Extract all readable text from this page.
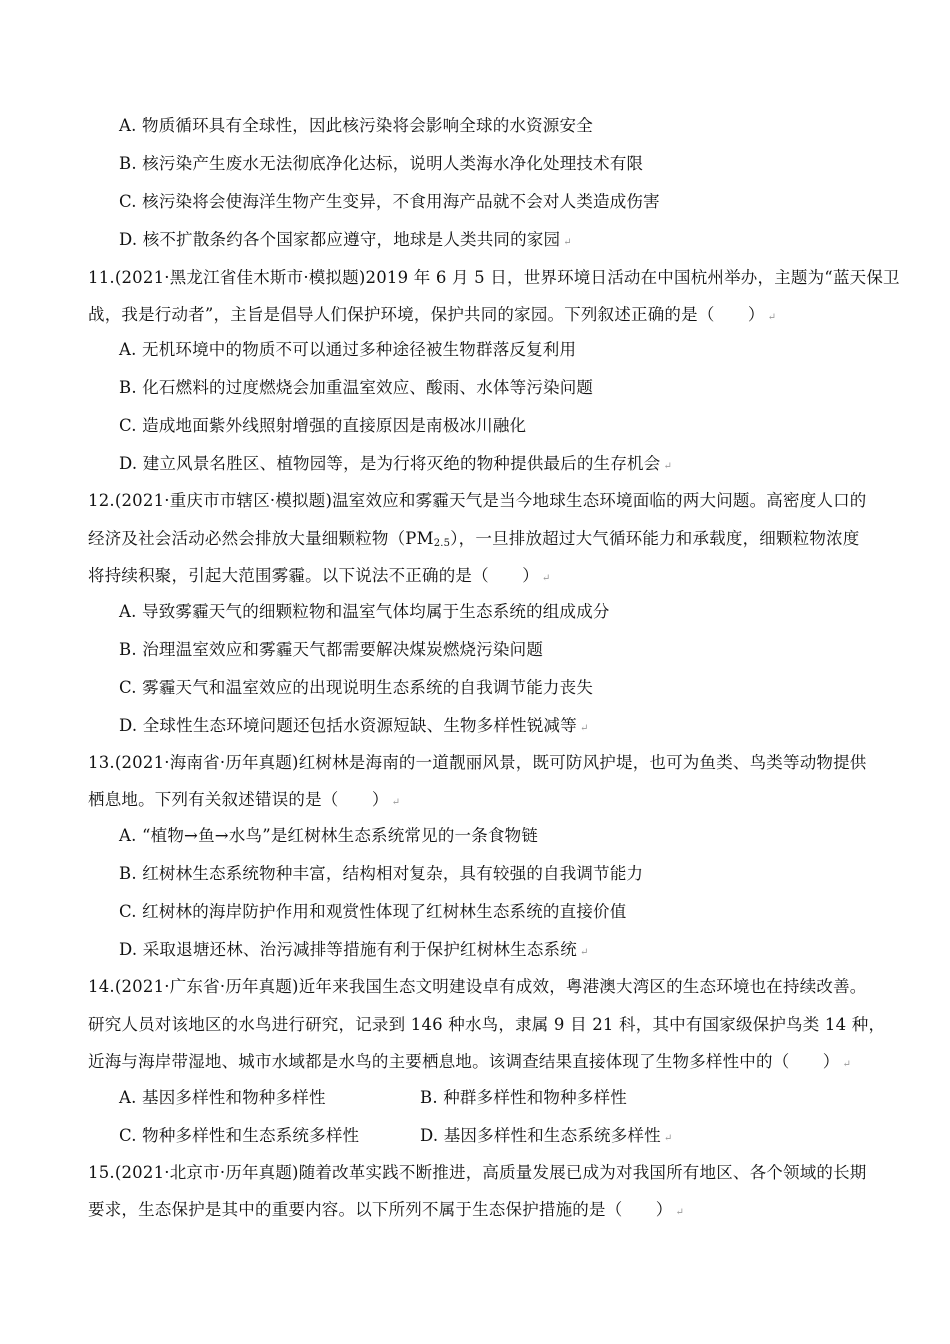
A. 物质循环具有全球性，因此核污染将会影响全球的水资源安全
B. 核污染产生废水无法彻底净化达标，说明人类海水净化处理技术有限
C. 核污染将会使海洋生物产生变异，不食用海产品就不会对人类造成伤害
D. 核不扩散条约各个国家都应遵守，地球是人类共同的家园 ↵
11.(2021·黑龙江省佳木斯市·模拟题)2019 年 6 月 5 日，世界环境日活动在中国杭州举办，主题为“蓝天保卫
战，我是行动者”，主旨是倡导人们保护环境，保护共同的家园。下列叙述正确的是（　　） ↵
A. 无机环境中的物质不可以通过多种途径被生物群落反复利用
B. 化石燃料的过度燃烧会加重温室效应、酸雨、水体等污染问题
C. 造成地面紫外线照射增强的直接原因是南极冰川融化
D. 建立风景名胜区、植物园等，是为行将灭绝的物种提供最后的生存机会 ↵
12.(2021·重庆市市辖区·模拟题)温室效应和雾霾天气是当今地球生态环境面临的两大问题。高密度人口的
经济及社会活动必然会排放大量细颗粒物$(PM_{2.5})$，一旦排放超过大气循环能力和承载度，细颗粒物浓度
将持续积聚，引起大范围雾霾。以下说法不正确的是（　　） ↵
A. 导致雾霾天气的细颗粒物和温室气体均属于生态系统的组成成分
B. 治理温室效应和雾霾天气都需要解决煤炭燃烧污染问题
C. 雾霾天气和温室效应的出现说明生态系统的自我调节能力丧失
D. 全球性生态环境问题还包括水资源短缺、生物多样性锐减等 ↵
13.(2021·海南省·历年真题)红树林是海南的一道靓丽风景，既可防风护堤，也可为鱼类、鸟类等动物提供
栖息地。下列有关叙述错误的是（　　） ↵
A. “植物→鱼→水鸟”是红树林生态系统常见的一条食物链
B. 红树林生态系统物种丰富，结构相对复杂，具有较强的自我调节能力
C. 红树林的海岸防护作用和观赏性体现了红树林生态系统的直接价值
D. 采取退塘还林、治污减排等措施有利于保护红树林生态系统 ↵
14.(2021·广东省·历年真题)近年来我国生态文明建设卓有成效，粤港澳大湾区的生态环境也在持续改善。
研究人员对该地区的水鸟进行研究，记录到 146 种水鸟，隶属 9 目 21 科，其中有国家级保护鸟类 14 种，
近海与海岸带湿地、城市水域都是水鸟的主要栖息地。该调查结果直接体现了生物多样性中的（　　） ↵
A. 基因多样性和物种多样性	B. 种群多样性和物种多样性
C. 物种多样性和生态系统多样性	D. 基因多样性和生态系统多样性 ↵
15.(2021·北京市·历年真题)随着改革实践不断推进，高质量发展已成为对我国所有地区、各个领域的长期
要求，生态保护是其中的重要内容。以下所列不属于生态保护措施的是（　　） ↵
